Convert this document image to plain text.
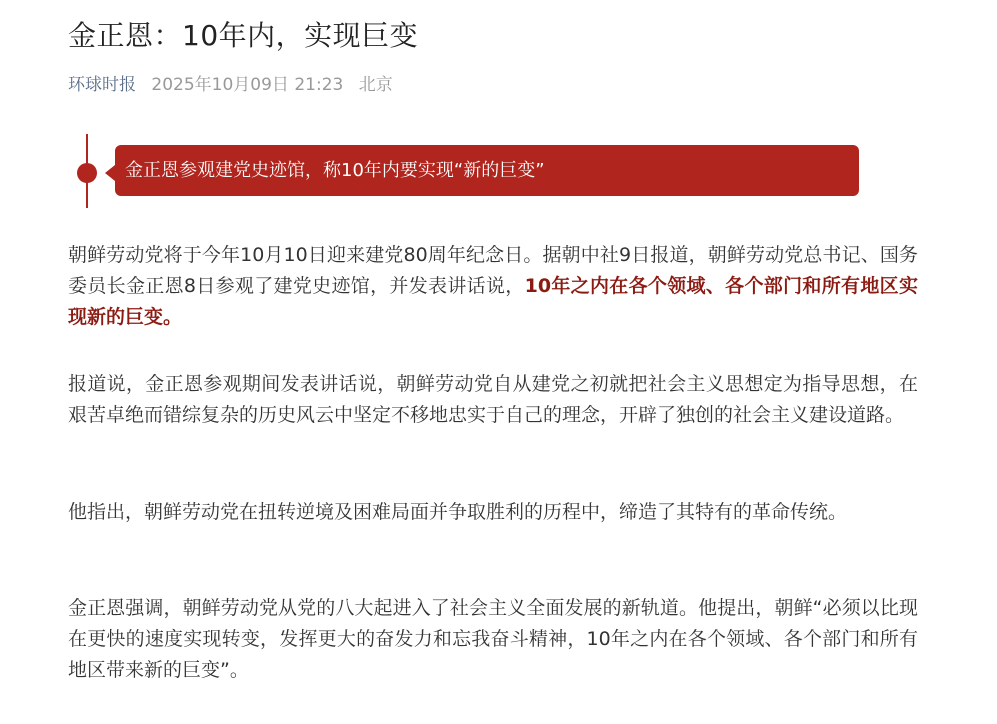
金正恩：10年内，实现巨变
环球时报 2025年10月09日 21:23 北京
金正恩参观建党史迹馆，称10年内要实现“新的巨变”

朝鲜劳动党将于今年10月10日迎来建党80周年纪念日。据朝中社9日报道，朝鲜劳动党总书记、国务委员长金正恩8日参观了建党史迹馆，并发表讲话说，10年之内在各个领域、各个部门和所有地区实现新的巨变。

报道说，金正恩参观期间发表讲话说，朝鲜劳动党自从建党之初就把社会主义思想定为指导思想，在艰苦卓绝而错综复杂的历史风云中坚定不移地忠实于自己的理念，开辟了独创的社会主义建设道路。

他指出，朝鲜劳动党在扭转逆境及困难局面并争取胜利的历程中，缔造了其特有的革命传统。

金正恩强调，朝鲜劳动党从党的八大起进入了社会主义全面发展的新轨道。他提出，朝鲜“必须以比现在更快的速度实现转变，发挥更大的奋发力和忘我奋斗精神，10年之内在各个领域、各个部门和所有地区带来新的巨变”。
